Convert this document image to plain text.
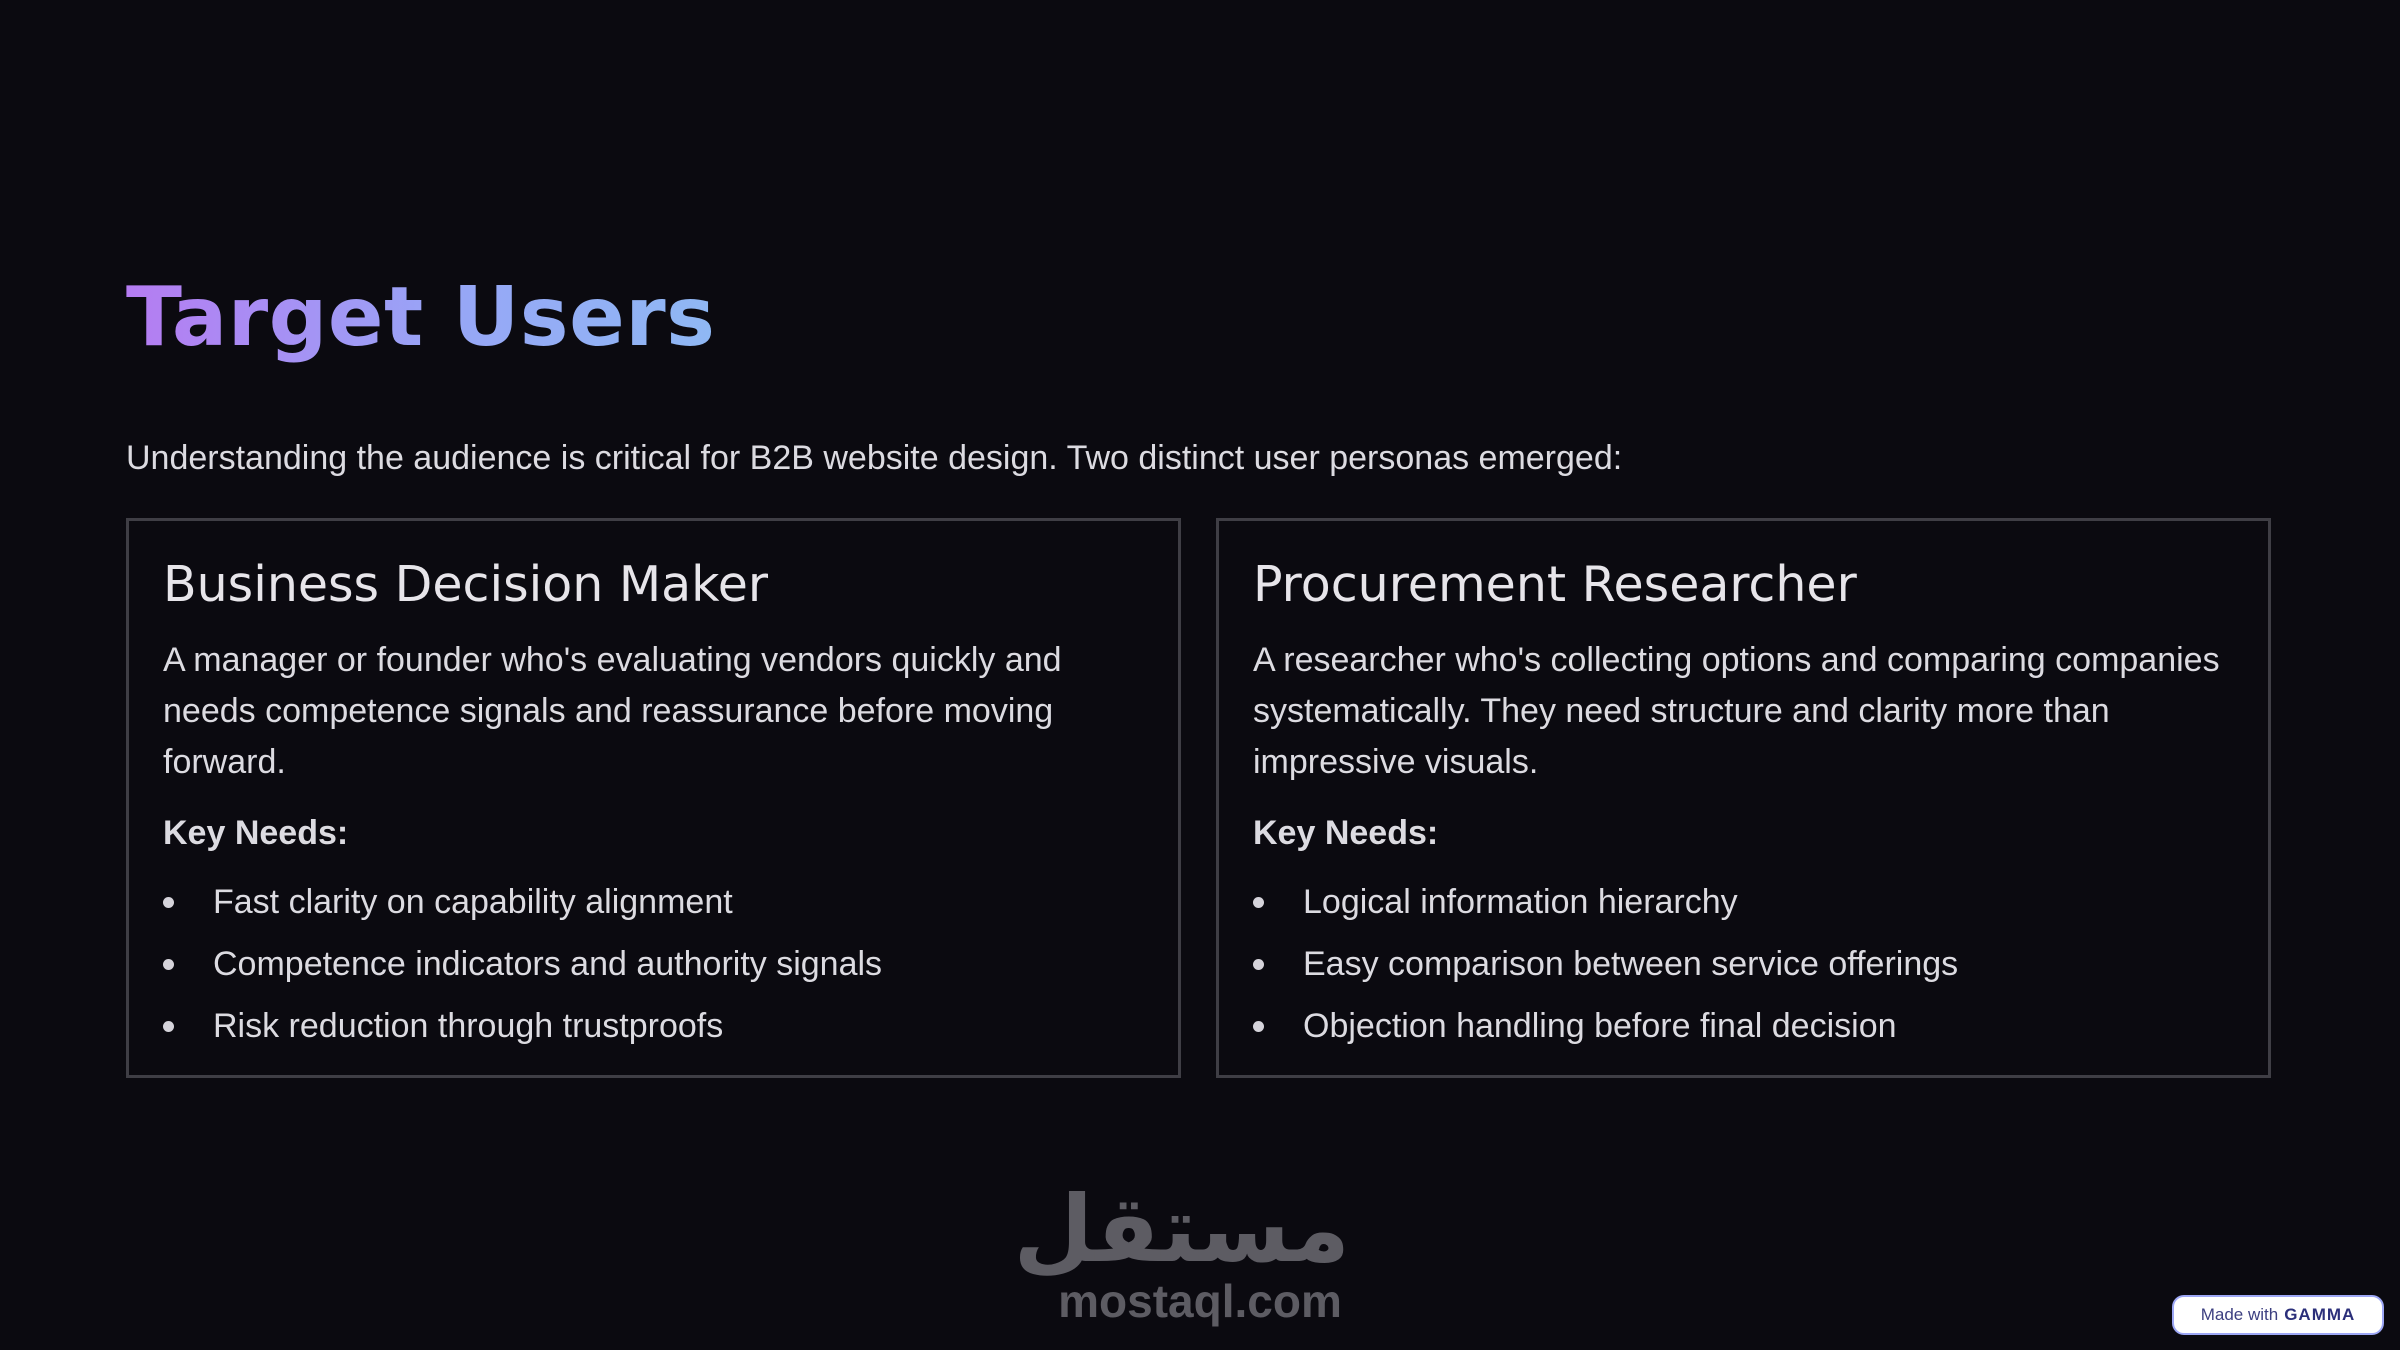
Target Users

Understanding the audience is critical for B2B website design. Two distinct user personas emerged:

Business Decision Maker

A manager or founder who's evaluating vendors quickly and needs competence signals and reassurance before moving forward.

Key Needs:

Fast clarity on capability alignment
Competence indicators and authority signals
Risk reduction through trustproofs
Procurement Researcher

A researcher who's collecting options and comparing companies systematically. They need structure and clarity more than impressive visuals.

Key Needs:

Logical information hierarchy
Easy comparison between service offerings
Objection handling before final decision
مستقل
mostaql.com	Made with GAMMA
